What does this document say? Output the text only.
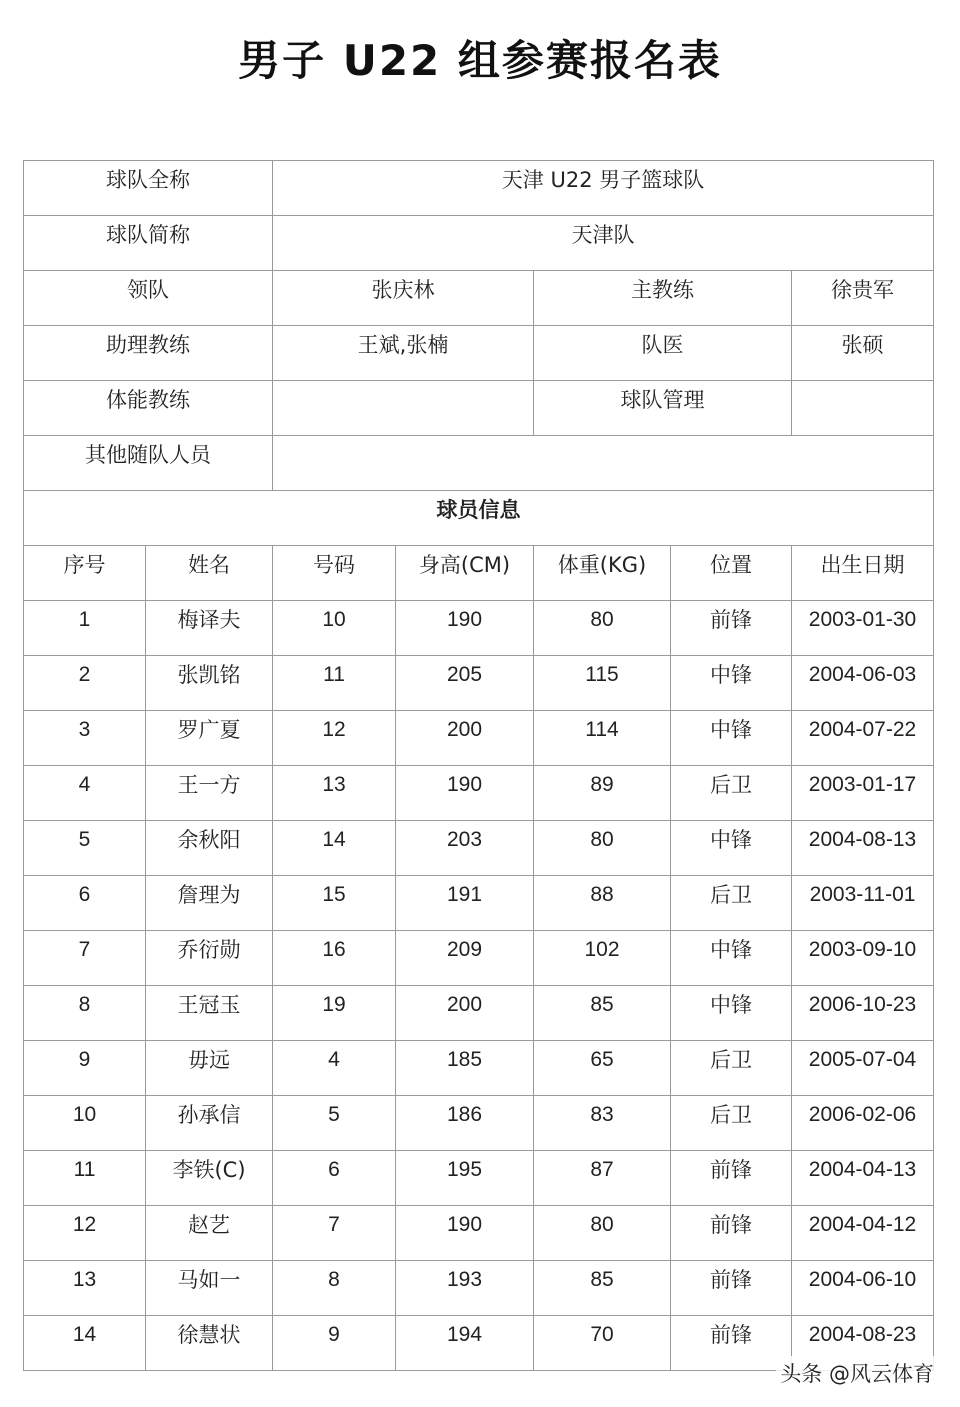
男子 U22 组参赛报名表
球队全称		天津 U22 男子篮球队				
球队简称		天津队				
领队		张庆林		主教练		徐贵军
助理教练		王斌,张楠		队医		张硕
体能教练				球队管理		
其他随队人员						
球员信息						
序号	姓名	号码	身高(CM)	体重(KG)	位置	出生日期
1	梅译夫	10	190	80	前锋	2003-01-30
2	张凯铭	11	205	115	中锋	2004-06-03
3	罗广夏	12	200	114	中锋	2004-07-22
4	王一方	13	190	89	后卫	2003-01-17
5	余秋阳	14	203	80	中锋	2004-08-13
6	詹理为	15	191	88	后卫	2003-11-01
7	乔衍勋	16	209	102	中锋	2003-09-10
8	王冠玉	19	200	85	中锋	2006-10-23
9	毋远	4	185	65	后卫	2005-07-04
10	孙承信	5	186	83	后卫	2006-02-06
11	李铁(C)	6	195	87	前锋	2004-04-13
12	赵艺	7	190	80	前锋	2004-04-12
13	马如一	8	193	85	前锋	2004-06-10
14	徐慧状	9	194	70	前锋	2004-08-23
头条 @风云体育
